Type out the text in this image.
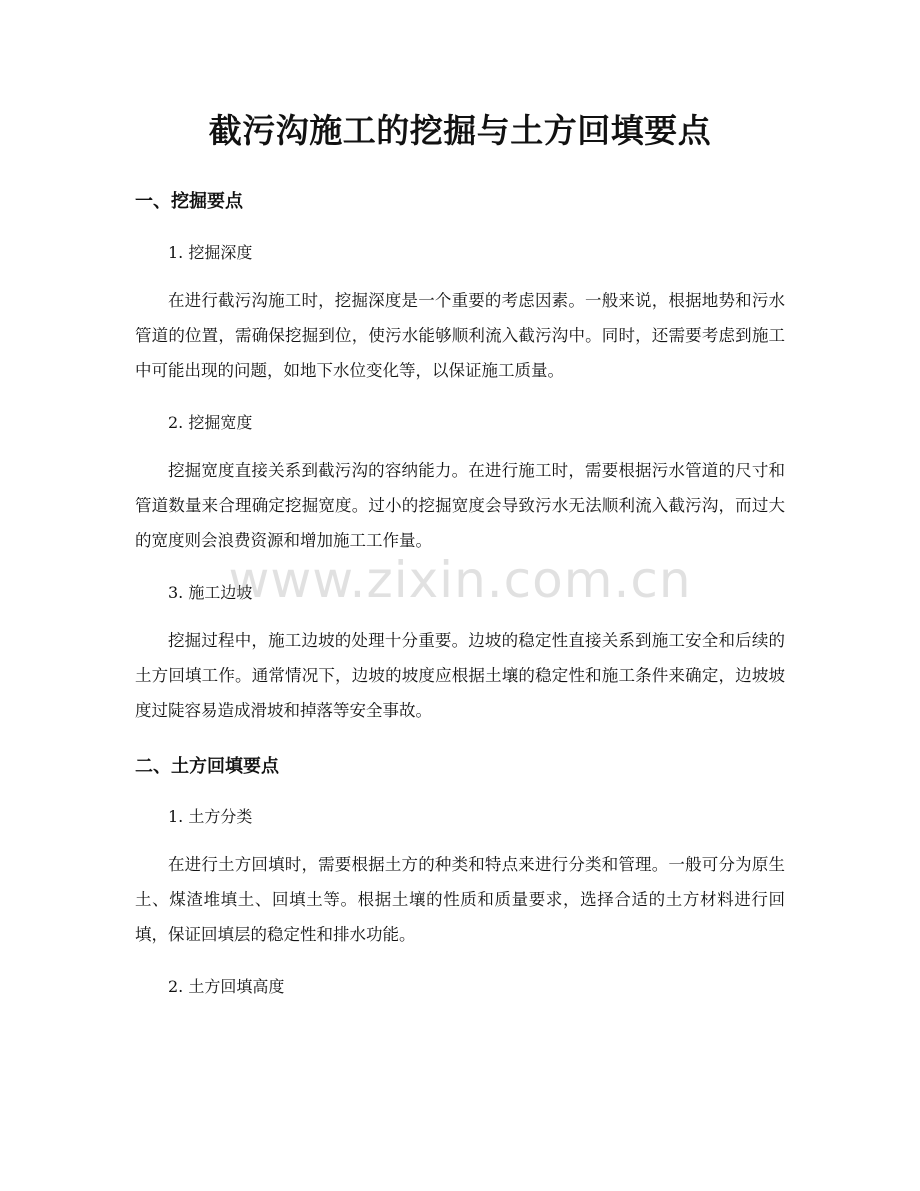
截污沟施工的挖掘与土方回填要点
一、挖掘要点
1. 挖掘深度
在进行截污沟施工时，挖掘深度是一个重要的考虑因素。一般来说，根据地势和污水管道的位置，需确保挖掘到位，使污水能够顺利流入截污沟中。同时，还需要考虑到施工中可能出现的问题，如地下水位变化等，以保证施工质量。
2. 挖掘宽度
挖掘宽度直接关系到截污沟的容纳能力。在进行施工时，需要根据污水管道的尺寸和管道数量来合理确定挖掘宽度。过小的挖掘宽度会导致污水无法顺利流入截污沟，而过大的宽度则会浪费资源和增加施工工作量。
3. 施工边坡
挖掘过程中，施工边坡的处理十分重要。边坡的稳定性直接关系到施工安全和后续的土方回填工作。通常情况下，边坡的坡度应根据土壤的稳定性和施工条件来确定，边坡坡度过陡容易造成滑坡和掉落等安全事故。
二、土方回填要点
1. 土方分类
在进行土方回填时，需要根据土方的种类和特点来进行分类和管理。一般可分为原生土、煤渣堆填土、回填土等。根据土壤的性质和质量要求，选择合适的土方材料进行回填，保证回填层的稳定性和排水功能。
2. 土方回填高度
www.zixin.com.cn
